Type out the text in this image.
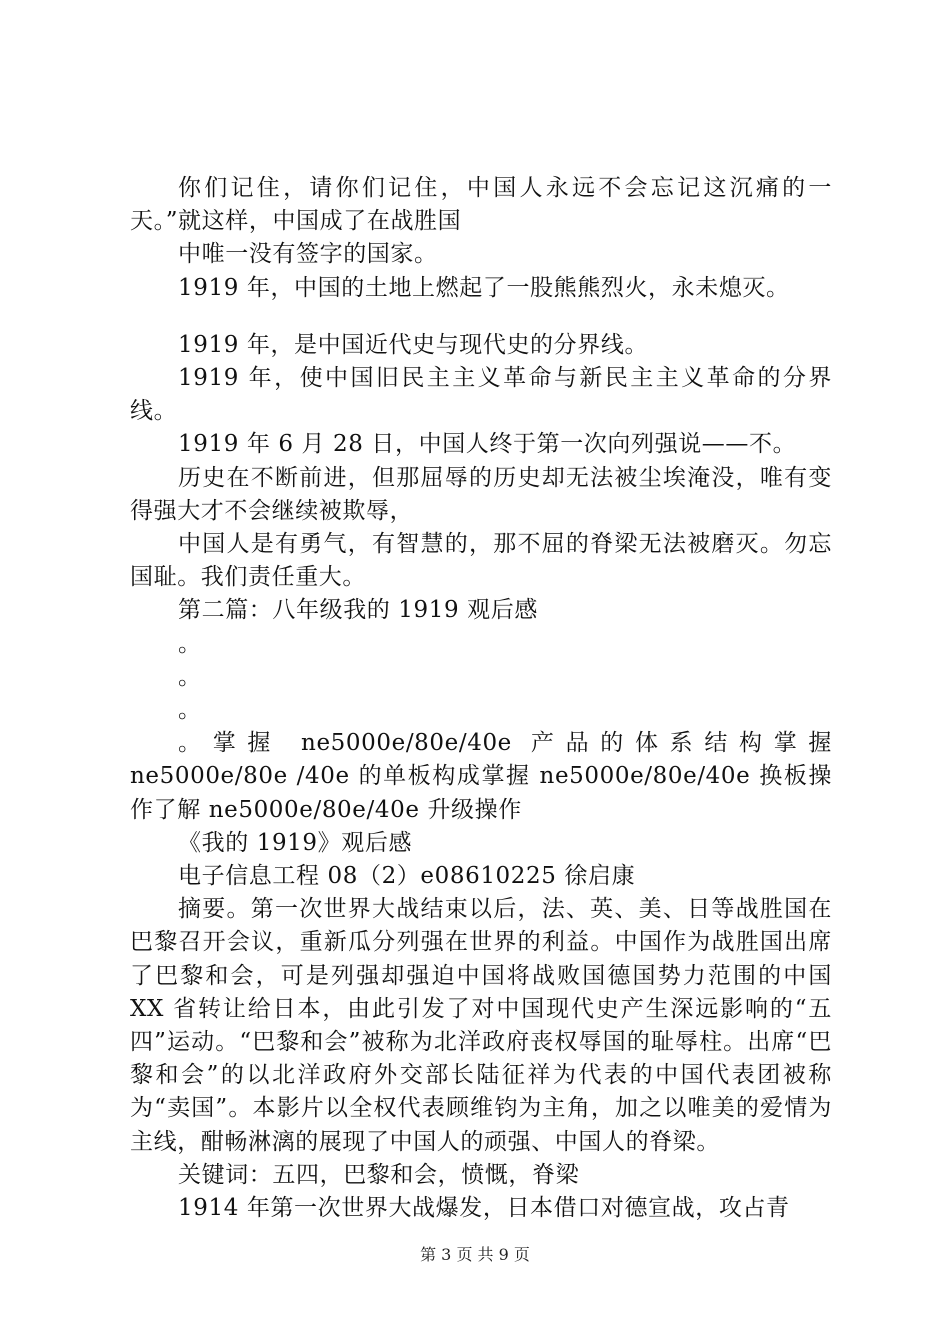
你们记住，请你们记住，中国人永远不会忘记这沉痛的一天。”就这样，中国成了在战胜国

中唯一没有签字的国家。

1919 年，中国的土地上燃起了一股熊熊烈火，永未熄灭。

1919 年，是中国近代史与现代史的分界线。

1919 年，使中国旧民主主义革命与新民主主义革命的分界线。

1919 年 6 月 28 日，中国人终于第一次向列强说——不。

历史在不断前进，但那屈辱的历史却无法被尘埃淹没，唯有变得强大才不会继续被欺辱，

中国人是有勇气，有智慧的，那不屈的脊梁无法被磨灭。勿忘国耻。我们责任重大。

第二篇：八年级我的 1919 观后感

。

。

。

。掌握 ne5000e/80e/40e 产品的体系结构掌握 ne5000e/80e /40e 的单板构成掌握 ne5000e/80e/40e 换板操作了解 ne5000e/80e/40e 升级操作

《我的 1919》观后感

电子信息工程 08（2）e08610225 徐启康

摘要。第一次世界大战结束以后，法、英、美、日等战胜国在巴黎召开会议，重新瓜分列强在世界的利益。中国作为战胜国出席了巴黎和会，可是列强却强迫中国将战败国德国势力范围的中国 XX 省转让给日本，由此引发了对中国现代史产生深远影响的“五四”运动。“巴黎和会”被称为北洋政府丧权辱国的耻辱柱。出席“巴黎和会”的以北洋政府外交部长陆征祥为代表的中国代表团被称为“卖国”。本影片以全权代表顾维钧为主角，加之以唯美的爱情为主线，酣畅淋漓的展现了中国人的顽强、中国人的脊梁。

关键词：五四，巴黎和会，愤慨，脊梁

1914 年第一次世界大战爆发，日本借口对德宣战，攻占青

第 3 页 共 9 页
